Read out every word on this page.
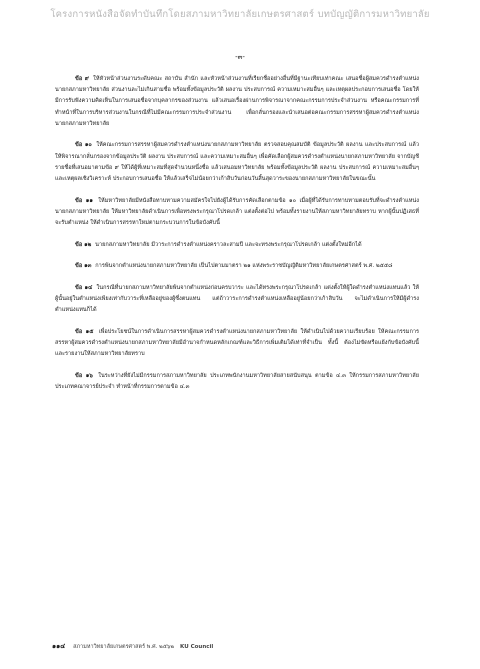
โครงการหนังสือจัดทำบันทึกโดยสภามหาวิทยาลัยเกษตรศาสตร์ บทบัญญัติการมหาวิทยาลัย
-๓-

ข้อ ๙ ให้หัวหน้าส่วนงานระดับคณะ สถาบัน สำนัก และหัวหน้าส่วนงานที่เรียกชื่ออย่างอื่นที่มีฐานะเทียบเท่าคณะ เสนอชื่อผู้สมควรดำรงตำแหน่งนายกสภามหาวิทยาลัย ส่วนงานละไม่เกินสามชื่อ พร้อมทั้งข้อมูลประวัติ ผลงาน ประสบการณ์ ความเหมาะสมอื่นๆ และเหตุผลประกอบการเสนอชื่อ โดยให้มีการรับฟังความคิดเห็นในการเสนอชื่อจากบุคลากรของส่วนงาน แล้วเสนอเรื่องผ่านการพิจารณาจากคณะกรรมการประจำส่วนงาน หรือคณะกรรมการที่ทำหน้าที่ในการบริหารส่วนงานในกรณีที่ไม่มีคณะกรรมการประจำส่วนงาน เพื่อกลั่นกรองและนำเสนอต่อคณะกรรมการสรรหาผู้สมควรดำรงตำแหน่งนายกสภามหาวิทยาลัย

ข้อ ๑๐ ให้คณะกรรมการสรรหาผู้สมควรดำรงตำแหน่งนายกสภามหาวิทยาลัย ตรวจสอบคุณสมบัติ ข้อมูลประวัติ ผลงาน และประสบการณ์ แล้วให้พิจารณากลั่นกรองจากข้อมูลประวัติ ผลงาน ประสบการณ์ และความเหมาะสมอื่นๆ เพื่อคัดเลือกผู้สมควรดำรงตำแหน่งนายกสภามหาวิทยาลัย จากบัญชีรายชื่อที่เสนอมาตามข้อ ๙ ให้ได้ผู้ที่เหมาะสมที่สุดจำนวนหนึ่งชื่อ แล้วเสนอมหาวิทยาลัย พร้อมทั้งข้อมูลประวัติ ผลงาน ประสบการณ์ ความเหมาะสมอื่นๆ และเหตุผลเชิงวิเคราะห์ ประกอบการเสนอชื่อ ให้แล้วเสร็จไม่น้อยกว่าเก้าสิบวันก่อนวันสิ้นสุดวาระของนายกสภามหาวิทยาลัยในขณะนั้น

ข้อ ๑๑ ให้มหาวิทยาลัยมีหนังสือทาบทามความสมัครใจไปยังผู้ได้รับการคัดเลือกตามข้อ ๑๐ เมื่อผู้ที่ได้รับการทาบทามตอบรับที่จะดำรงตำแหน่งนายกสภามหาวิทยาลัย ให้มหาวิทยาลัยดำเนินการเพื่อทรงพระกรุณาโปรดเกล้า แต่งตั้งต่อไป พร้อมทั้งรายงานให้สภามหาวิทยาลัยทราบ หากผู้นั้นปฏิเสธที่จะรับตำแหน่ง ให้ดำเนินการสรรหาใหม่ตามกระบวนการในข้อบังคับนี้

ข้อ ๑๒ นายกสภามหาวิทยาลัย มีวาระการดำรงตำแหน่งคราวละสามปี และจะทรงพระกรุณาโปรดเกล้า แต่งตั้งใหม่อีกได้

ข้อ ๑๓ การพ้นจากตำแหน่งนายกสภามหาวิทยาลัย เป็นไปตามมาตรา ๒๑ แห่งพระราชบัญญัติมหาวิทยาลัยเกษตรศาสตร์ พ.ศ. ๒๕๕๘

ข้อ ๑๔ ในกรณีที่นายกสภามหาวิทยาลัยพ้นจากตำแหน่งก่อนครบวาระ และได้ทรงพระกรุณาโปรดเกล้า แต่งตั้งให้ผู้ใดดำรงตำแหน่งแทนแล้ว ให้ผู้นั้นอยู่ในตำแหน่งเพียงเท่ากับวาระที่เหลืออยู่ของผู้ซึ่งตนแทน แต่ถ้าวาระการดำรงตำแหน่งเหลืออยู่น้อยกว่าเก้าสิบวัน จะไม่ดำเนินการให้มีผู้ดำรงตำแหน่งแทนก็ได้

ข้อ ๑๕ เพื่อประโยชน์ในการดำเนินการสรรหาผู้สมควรดำรงตำแหน่งนายกสภามหาวิทยาลัย ให้ดำเนินไปด้วยความเรียบร้อย ให้คณะกรรมการสรรหาผู้สมควรดำรงตำแหน่งนายกสภามหาวิทยาลัยมีอำนาจกำหนดหลักเกณฑ์และวิธีการเพิ่มเติมได้เท่าที่จำเป็น ทั้งนี้ ต้องไม่ขัดหรือแย้งกับข้อบังคับนี้และรายงานให้สภามหาวิทยาลัยทราบ

ข้อ ๑๖ ในระหว่างที่ยังไม่มีกรรมการสภามหาวิทยาลัย ประเภทพนักงานมหาวิทยาลัยสายสนับสนุน ตามข้อ ๔.๓ ให้กรรมการสภามหาวิทยาลัย ประเภทคณาจารย์ประจำ ทำหน้าที่กรรมการตามข้อ ๔.๓

๑๑๔ สภามหาวิทยาลัยเกษตรศาสตร์ พ.ศ. ๒๕๖๒ KU Council
